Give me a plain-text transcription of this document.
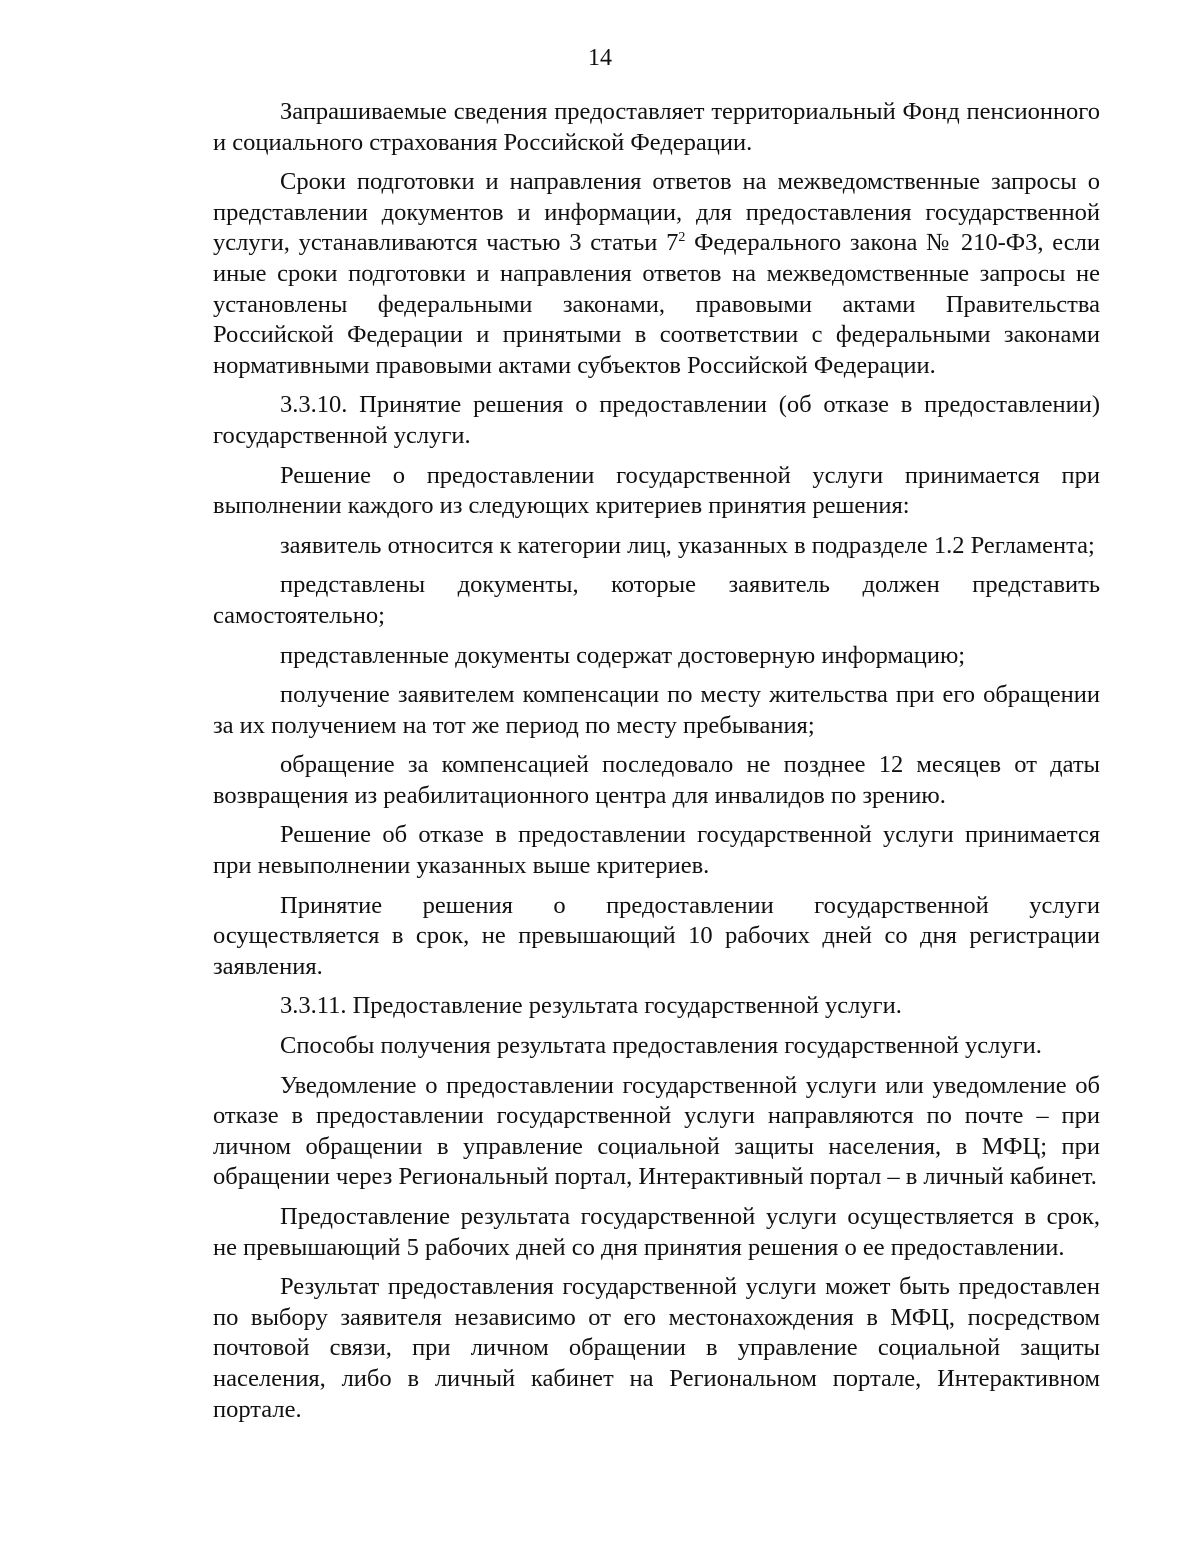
14

Запрашиваемые сведения предоставляет территориальный Фонд пенсионного и социального страхования Российской Федерации.

Сроки подготовки и направления ответов на межведомственные запросы о представлении документов и информации, для предоставления государственной услуги, устанавливаются частью 3 статьи $7^2$ Федерального закона № 210-ФЗ, если иные сроки подготовки и направления ответов на межведомственные запросы не установлены федеральными законами, правовыми актами Правительства Российской Федерации и принятыми в соответствии с федеральными законами нормативными правовыми актами субъектов Российской Федерации.

3.3.10. Принятие решения о предоставлении (об отказе в предоставлении) государственной услуги.

Решение о предоставлении государственной услуги принимается при выполнении каждого из следующих критериев принятия решения:

заявитель относится к категории лиц, указанных в подразделе 1.2 Регламента;

представлены документы, которые заявитель должен представить самостоятельно;

представленные документы содержат достоверную информацию;

получение заявителем компенсации по месту жительства при его обращении за их получением на тот же период по месту пребывания;

обращение за компенсацией последовало не позднее 12 месяцев от даты возвращения из реабилитационного центра для инвалидов по зрению.

Решение об отказе в предоставлении государственной услуги принимается при невыполнении указанных выше критериев.

Принятие решения о предоставлении государственной услуги осуществляется в срок, не превышающий 10 рабочих дней со дня регистрации заявления.

3.3.11. Предоставление результата государственной услуги.

Способы получения результата предоставления государственной услуги.

Уведомление о предоставлении государственной услуги или уведомление об отказе в предоставлении государственной услуги направляются по почте – при личном обращении в управление социальной защиты населения, в МФЦ; при обращении через Региональный портал, Интерактивный портал – в личный кабинет.

Предоставление результата государственной услуги осуществляется в срок, не превышающий 5 рабочих дней со дня принятия решения о ее предоставлении.

Результат предоставления государственной услуги может быть предоставлен по выбору заявителя независимо от его местонахождения в МФЦ, посредством почтовой связи, при личном обращении в управление социальной защиты населения, либо в личный кабинет на Региональном портале, Интерактивном портале.
